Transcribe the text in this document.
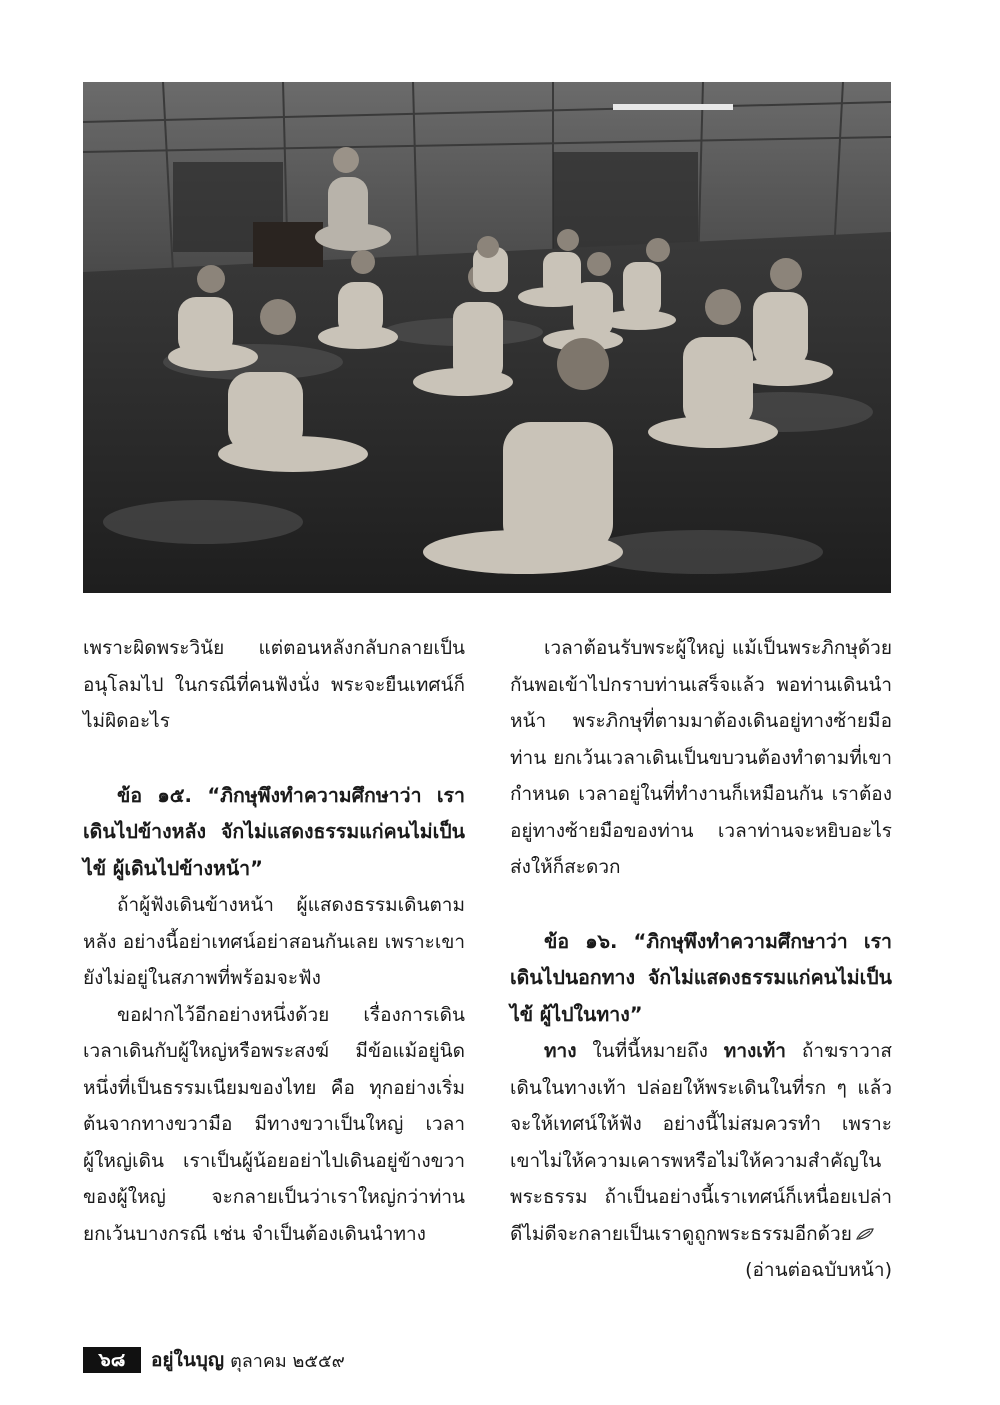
เพราะผิดพระวินัย แต่ตอนหลังกลับกลายเป็นอนุโลมไป ในกรณีที่คนฟังนั่ง พระจะยืนเทศน์ก็ไม่ผิดอะไร

ข้อ ๑๕. “ภิกษุพึงทำความศึกษาว่า เราเดินไปข้างหลัง จักไม่แสดงธรรมแก่คนไม่เป็นไข้ ผู้เดินไปข้างหน้า”

ถ้าผู้ฟังเดินข้างหน้า ผู้แสดงธรรมเดินตามหลัง อย่างนี้อย่าเทศน์อย่าสอนกันเลย เพราะเขายังไม่อยู่ในสภาพที่พร้อมจะฟัง

ขอฝากไว้อีกอย่างหนึ่งด้วย เรื่องการเดิน เวลาเดินกับผู้ใหญ่หรือพระสงฆ์ มีข้อแม้อยู่นิดหนึ่งที่เป็นธรรมเนียมของไทย คือ ทุกอย่างเริ่มต้นจากทางขวามือ มีทางขวาเป็นใหญ่ เวลาผู้ใหญ่เดิน เราเป็นผู้น้อยอย่าไปเดินอยู่ข้างขวาของผู้ใหญ่ จะกลายเป็นว่าเราใหญ่กว่าท่าน ยกเว้นบางกรณี เช่น จำเป็นต้องเดินนำทาง

เวลาต้อนรับพระผู้ใหญ่ แม้เป็นพระภิกษุด้วยกันพอเข้าไปกราบท่านเสร็จแล้ว พอท่านเดินนำหน้า พระภิกษุที่ตามมาต้องเดินอยู่ทางซ้ายมือท่าน ยกเว้นเวลาเดินเป็นขบวนต้องทำตามที่เขากำหนด เวลาอยู่ในที่ทำงานก็เหมือนกัน เราต้องอยู่ทางซ้ายมือของท่าน เวลาท่านจะหยิบอะไรส่งให้ก็สะดวก

ข้อ ๑๖. “ภิกษุพึงทำความศึกษาว่า เราเดินไปนอกทาง จักไม่แสดงธรรมแก่คนไม่เป็นไข้ ผู้ไปในทาง”

ทาง ในที่นี้หมายถึง ทางเท้า ถ้าฆราวาสเดินในทางเท้า ปล่อยให้พระเดินในที่รก ๆ แล้ว จะให้เทศน์ให้ฟัง อย่างนี้ไม่สมควรทำ เพราะเขาไม่ให้ความเคารพหรือไม่ให้ความสำคัญในพระธรรม ถ้าเป็นอย่างนี้เราเทศน์ก็เหนื่อยเปล่า ดีไม่ดีจะกลายเป็นเราดูถูกพระธรรมอีกด้วย

(อ่านต่อฉบับหน้า)

๖๘	อยู่ในบุญ ตุลาคม ๒๕๕๙
